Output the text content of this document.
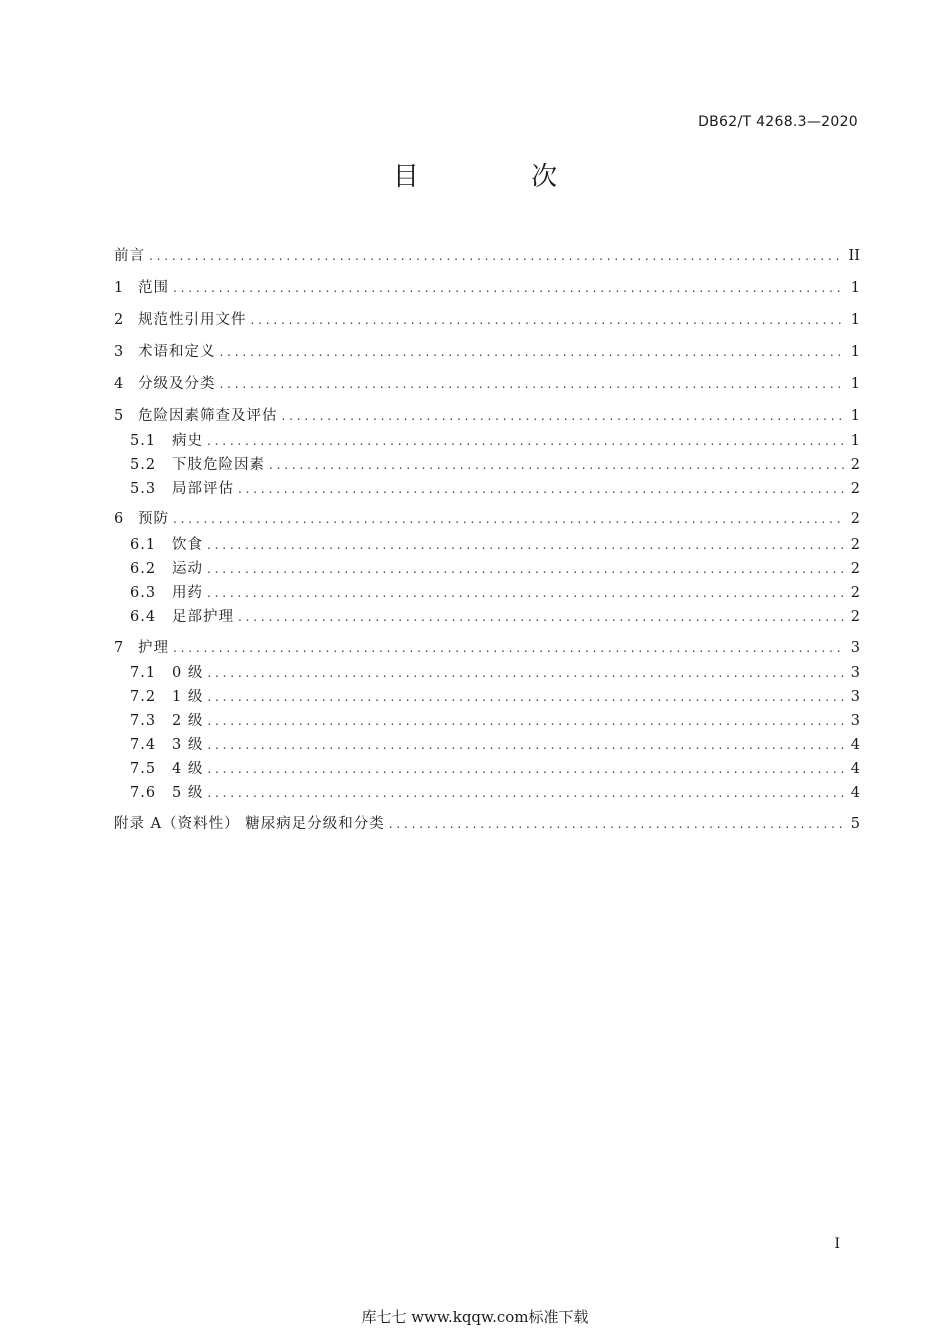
DB62/T 4268.3—2020
目 次
前言 . . .	II
1 范围 . . .	1
2 规范性引用文件 . . .	1
3 术语和定义 . . .	1
4 分级及分类 . . .	1
5 危险因素筛查及评估 . . .	1
5.1	病史 . . .	1
5.2	下肢危险因素 . . .	2
5.3	局部评估 . . .	2
6 预防 . . .	2
6.1	饮食 . . .	2
6.2	运动 . . .	2
6.3	用药 . . .	2
6.4	足部护理 . . .	2
7 护理 . . .	3
7.1	0 级 . . .	3
7.2	1 级 . . .	3
7.3	2 级 . . .	3
7.4	3 级 . . .	4
7.5	4 级 . . .	4
7.6	5 级 . . .	4
附录 A（资料性） 糖尿病足分级和分类 . . .	5
I
库七七 www.kqqw.com标准下载
